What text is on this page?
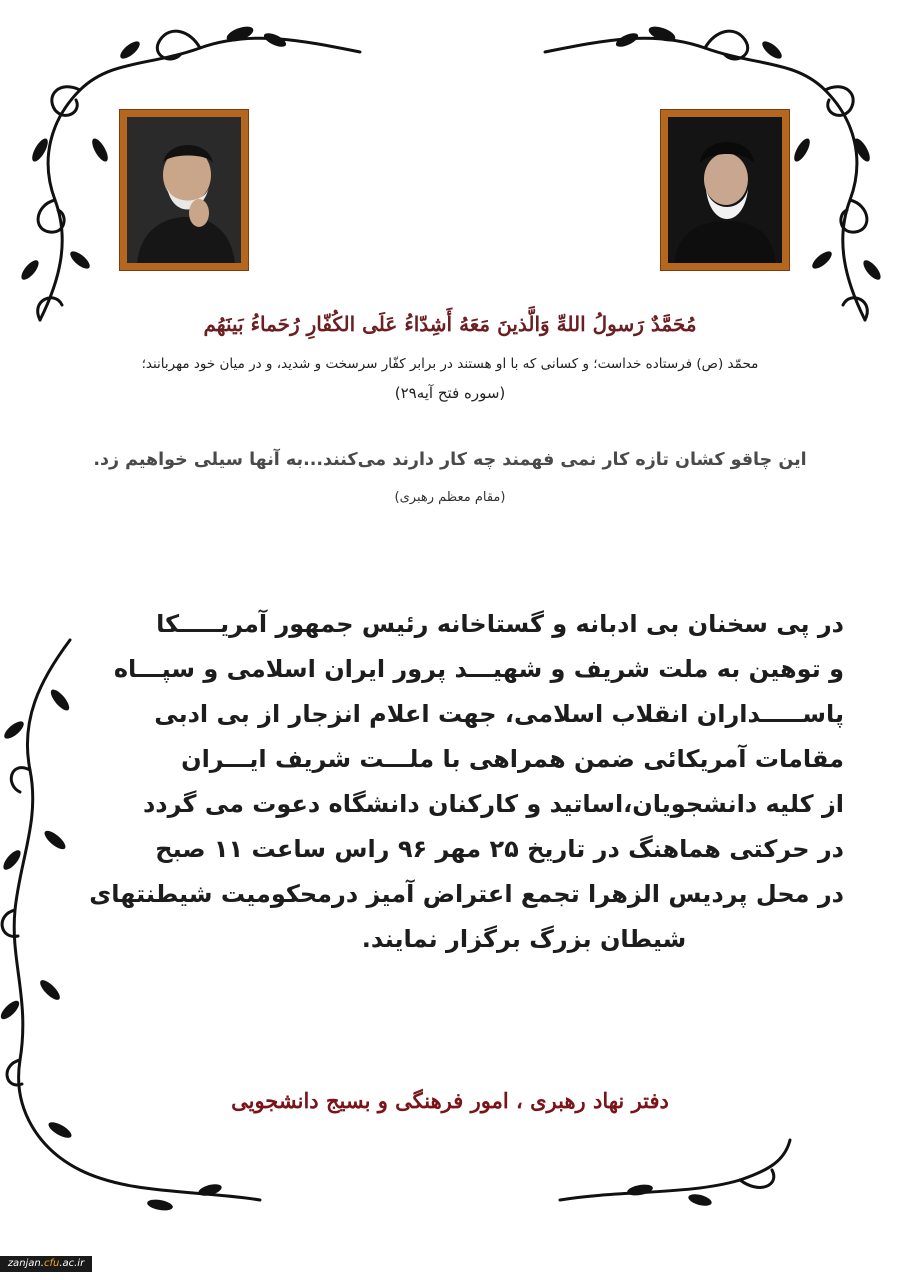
مُحَمَّدٌ رَسولُ اللهِّ وَالَّذینَ مَعَهُ أَشِدّاءُ عَلَی الکُفّارِ رُحَماءُ بَینَهُم
محمّد (ص) فرستاده خداست؛ و کسانی که با او هستند در برابر کفّار سرسخت و شدید، و در میان خود مهربانند؛
(سوره فتح آیه۲۹)
این چاقو کشان تازه کار نمی فهمند چه کار دارند می‌کنند...به آنها سیلی خواهیم زد.
(مقام معظم رهبری)
در پی سخنان بی ادبانه و گستاخانه رئیس جمهور آمریـــــکا
و توهین به ملت شریف و شهیـــد پرور ایران اسلامی و سپـــاه
پاســـــداران انقلاب اسلامی، جهت اعلام انزجار از بی ادبی
مقامات آمریکائی ضمن همراهی با ملـــت شریف ایـــران
از کلیه دانشجویان،اساتید و کارکنان دانشگاه دعوت می گردد
در حرکتی هماهنگ در تاریخ ۲۵ مهر ۹۶ راس ساعت ۱۱ صبح
در محل پردیس الزهرا تجمع اعتراض آمیز درمحکومیت شیطنتهای
شیطان بزرگ برگزار نمایند.
دفتر نهاد رهبری ، امور فرهنگی و بسیج دانشجویی
zanjan.cfu.ac.ir
